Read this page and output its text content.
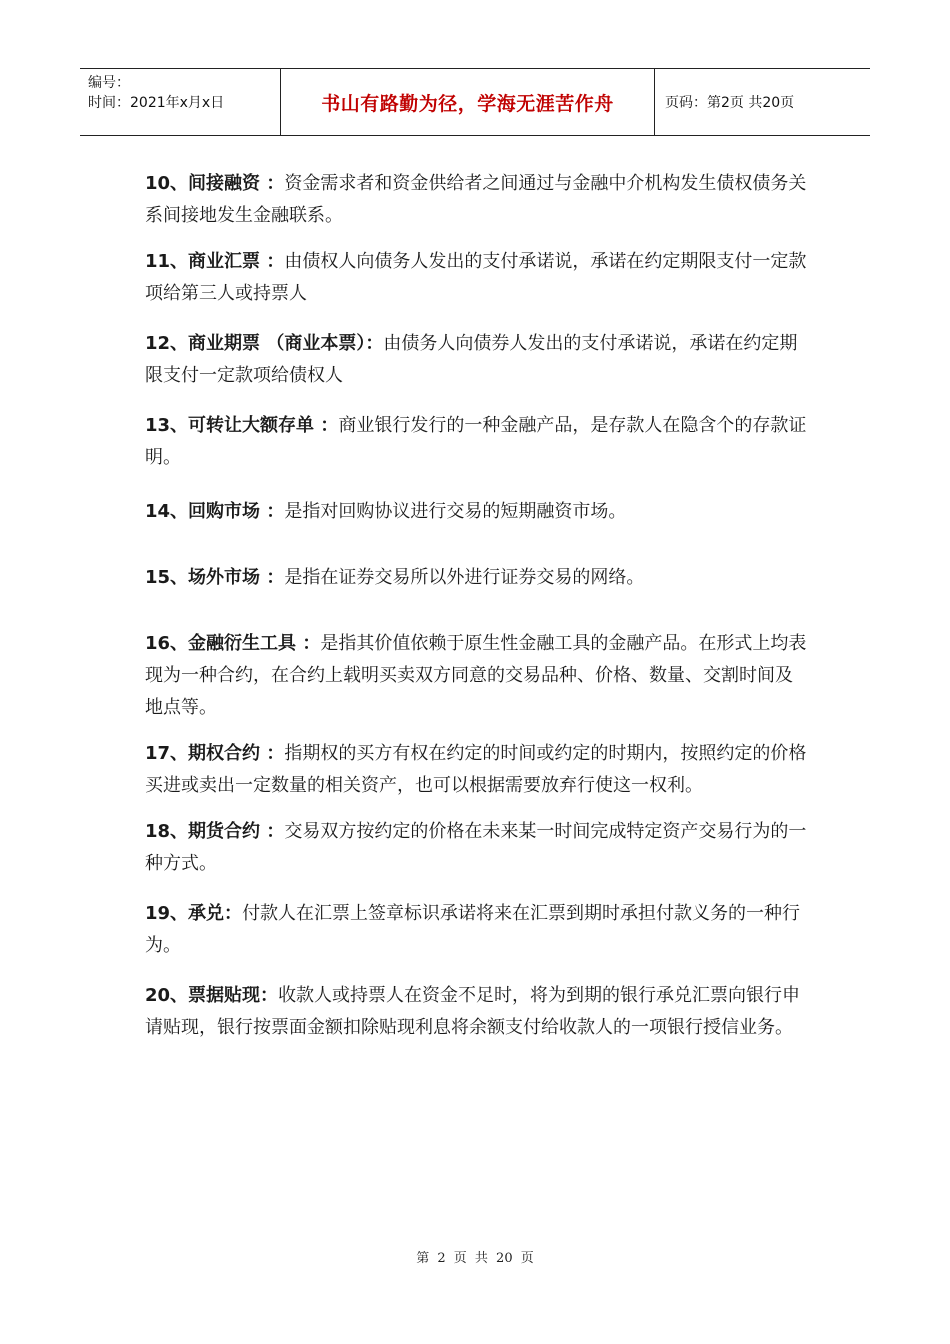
编号：
时间：2021年x月x日	书山有路勤为径，学海无涯苦作舟	页码：第2页 共20页

10、间接融资 ：资金需求者和资金供给者之间通过与金融中介机构发生债权债务关系间接地发生金融联系。

11、商业汇票 ：由债权人向债务人发出的支付承诺说，承诺在约定期限支付一定款项给第三人或持票人

12、商业期票 （商业本票）：由债务人向债券人发出的支付承诺说，承诺在约定期限支付一定款项给债权人

13、可转让大额存单 ：商业银行发行的一种金融产品，是存款人在隐含个的存款证明。

14、回购市场 ：是指对回购协议进行交易的短期融资市场。

15、场外市场 ：是指在证券交易所以外进行证券交易的网络。

16、金融衍生工具 ：是指其价值依赖于原生性金融工具的金融产品。在形式上均表现为一种合约，在合约上载明买卖双方同意的交易品种、价格、数量、交割时间及地点等。

17、期权合约 ：指期权的买方有权在约定的时间或约定的时期内，按照约定的价格买进或卖出一定数量的相关资产，也可以根据需要放弃行使这一权利。

18、期货合约 ：交易双方按约定的价格在未来某一时间完成特定资产交易行为的一种方式。

19、承兑：付款人在汇票上签章标识承诺将来在汇票到期时承担付款义务的一种行为。

20、票据贴现：收款人或持票人在资金不足时，将为到期的银行承兑汇票向银行申请贴现，银行按票面金额扣除贴现利息将余额支付给收款人的一项银行授信业务。

第 2 页 共 20 页
